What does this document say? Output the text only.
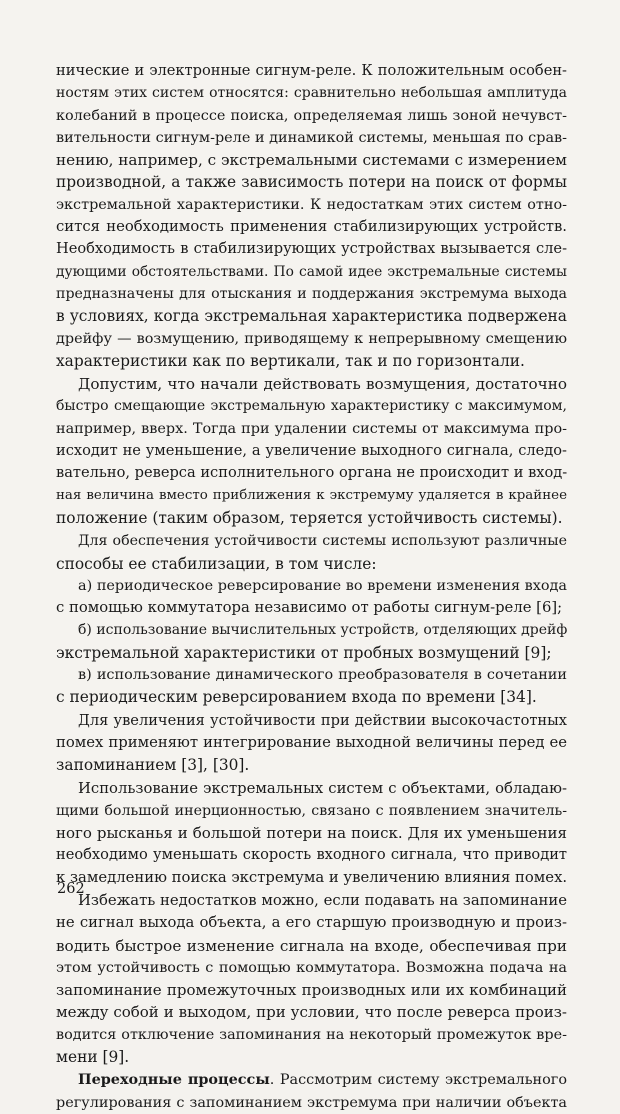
нические и электронные сигнум-реле. К положительным особен-
ностям этих систем относятся: сравнительно небольшая амплитуда
колебаний в процессе поиска, определяемая лишь зоной нечувст-
вительности сигнум-реле и динамикой системы, меньшая по срав-
нению, например, с экстремальными системами с измерением
производной, а также зависимость потери на поиск от формы
экстремальной характеристики. К недостаткам этих систем отно-
сится необходимость применения стабилизирующих устройств.
Необходимость в стабилизирующих устройствах вызывается сле-
дующими обстоятельствами. По самой идее экстремальные системы
предназначены для отыскания и поддержания экстремума выхода
в условиях, когда экстремальная характеристика подвержена
дрейфу — возмущению, приводящему к непрерывному смещению
характеристики как по вертикали, так и по горизонтали.

Допустим, что начали действовать возмущения, достаточно
быстро смещающие экстремальную характеристику с максимумом,
например, вверх. Тогда при удалении системы от максимума про-
исходит не уменьшение, а увеличение выходного сигнала, следо-
вательно, реверса исполнительного органа не происходит и вход-
ная величина вместо приближения к экстремуму удаляется в крайнее
положение (таким образом, теряется устойчивость системы).

Для обеспечения устойчивости системы используют различные
способы ее стабилизации, в том числе:

а) периодическое реверсирование во времени изменения входа
с помощью коммутатора независимо от работы сигнум-реле [6];

б) использование вычислительных устройств, отделяющих дрейф
экстремальной характеристики от пробных возмущений [9];

в) использование динамического преобразователя в сочетании
с периодическим реверсированием входа по времени [34].

Для увеличения устойчивости при действии высокочастотных
помех применяют интегрирование выходной величины перед ее
запоминанием [3], [30].

Использование экстремальных систем с объектами, обладаю-
щими большой инерционностью, связано с появлением значитель-
ного рысканья и большой потери на поиск. Для их уменьшения
необходимо уменьшать скорость входного сигнала, что приводит
к замедлению поиска экстремума и увеличению влияния помех.

Избежать недостатков можно, если подавать на запоминание
не сигнал выхода объекта, а его старшую производную и произ-
водить быстрое изменение сигнала на входе, обеспечивая при
этом устойчивость с помощью коммутатора. Возможна подача на
запоминание промежуточных производных или их комбинаций
между собой и выходом, при условии, что после реверса произ-
водится отключение запоминания на некоторый промежуток вре-
мени [9].

Переходные процессы. Рассмотрим систему экстремального
регулирования с запоминанием экстремума при наличии объекта

262
